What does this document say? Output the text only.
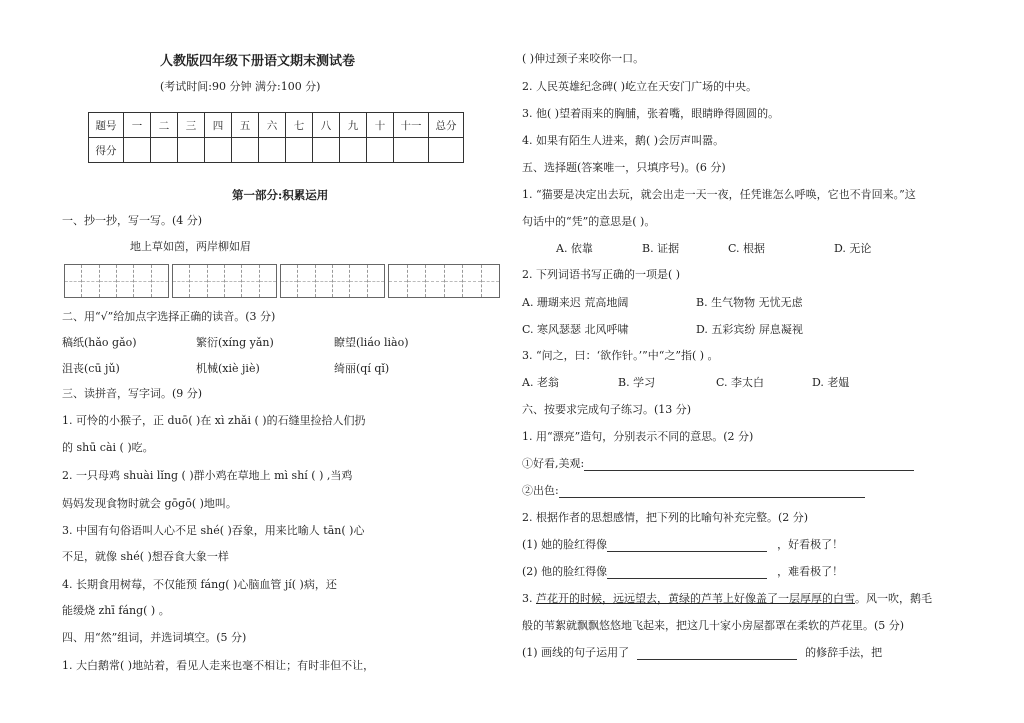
人教版四年级下册语文期末测试卷
(考试时间:90 分钟 满分:100 分)
题号	一	二	三	四	五	六	七	八	九	十	十一	总分
得分												
第一部分:积累运用
一、抄一抄，写一写。(4 分)
地上草如茵，两岸柳如眉
二、用“√”给加点字选择正确的读音。(3 分)
稿纸(hǎo gǎo)	繁衍(xíng yǎn)	瞭望(liáo liào)
沮丧(cū jǔ)	机械(xiè jiè)	绮丽(qí qǐ)
三、读拼音，写字词。(9 分)
1. 可怜的小猴子，正 duō( )在 xì zhǎi ( )的石缝里捡拾人们扔
的 shū cài ( )吃。
2. 一只母鸡 shuài lǐng ( )群小鸡在草地上 mì shí ( ) ,当鸡
妈妈发现食物时就会 gōgō( )地叫。
3. 中国有句俗语叫人心不足 shé( )吞象，用来比喻人 tān( )心
不足，就像 shé( )想吞食大象一样
4. 长期食用树莓，不仅能预 fáng( )心脑血管 jí( )病，还
能缓烧 zhī fáng( ) 。
四、用“然”组词，并选词填空。(5 分)
1. 大白鹅常( )地站着，看见人走来也毫不相让；有时非但不让，
( )伸过颈子来咬你一口。
2. 人民英雄纪念碑( )屹立在天安门广场的中央。
3. 他( )望着雨来的胸脯，张着嘴，眼睛睁得圆圆的。
4. 如果有陌生人进来，鹅( )会厉声叫嚣。
五、选择题(答案唯一，只填序号)。(6 分)
1. “猫要是决定出去玩，就会出走一天一夜，任凭谁怎么呼唤，它也不肯回来。”这
句话中的“凭”的意思是( )。
A. 依靠	B. 证据	C. 根据	D. 无论
2. 下列词语书写正确的一项是( )
A. 珊瑚来迟 荒高地阔	B. 生气物物 无忧无虑
C. 寒风瑟瑟 北风呼啸	D. 五彩宾纷 屏息凝视
3. “问之，曰：‘欲作针。’”中“之”指( ) 。
A. 老翁	B. 学习	C. 李太白	D. 老媪
六、按要求完成句子练习。(13 分)
1. 用“漂亮”造句，分别表示不同的意思。(2 分)
①好看,美观:
②出色:
2. 根据作者的思想感情，把下列的比喻句补充完整。(2 分)
(1) 她的脸红得像	，好看极了！
(2) 他的脸红得像	，难看极了！
3. 芦花开的时候，远远望去，黄绿的芦苇上好像盖了一层厚厚的白雪。风一吹，鹅毛
般的苇絮就飘飘悠悠地飞起来，把这几十家小房屋都罩在柔软的芦花里。(5 分)
(1) 画线的句子运用了	的修辞手法，把
